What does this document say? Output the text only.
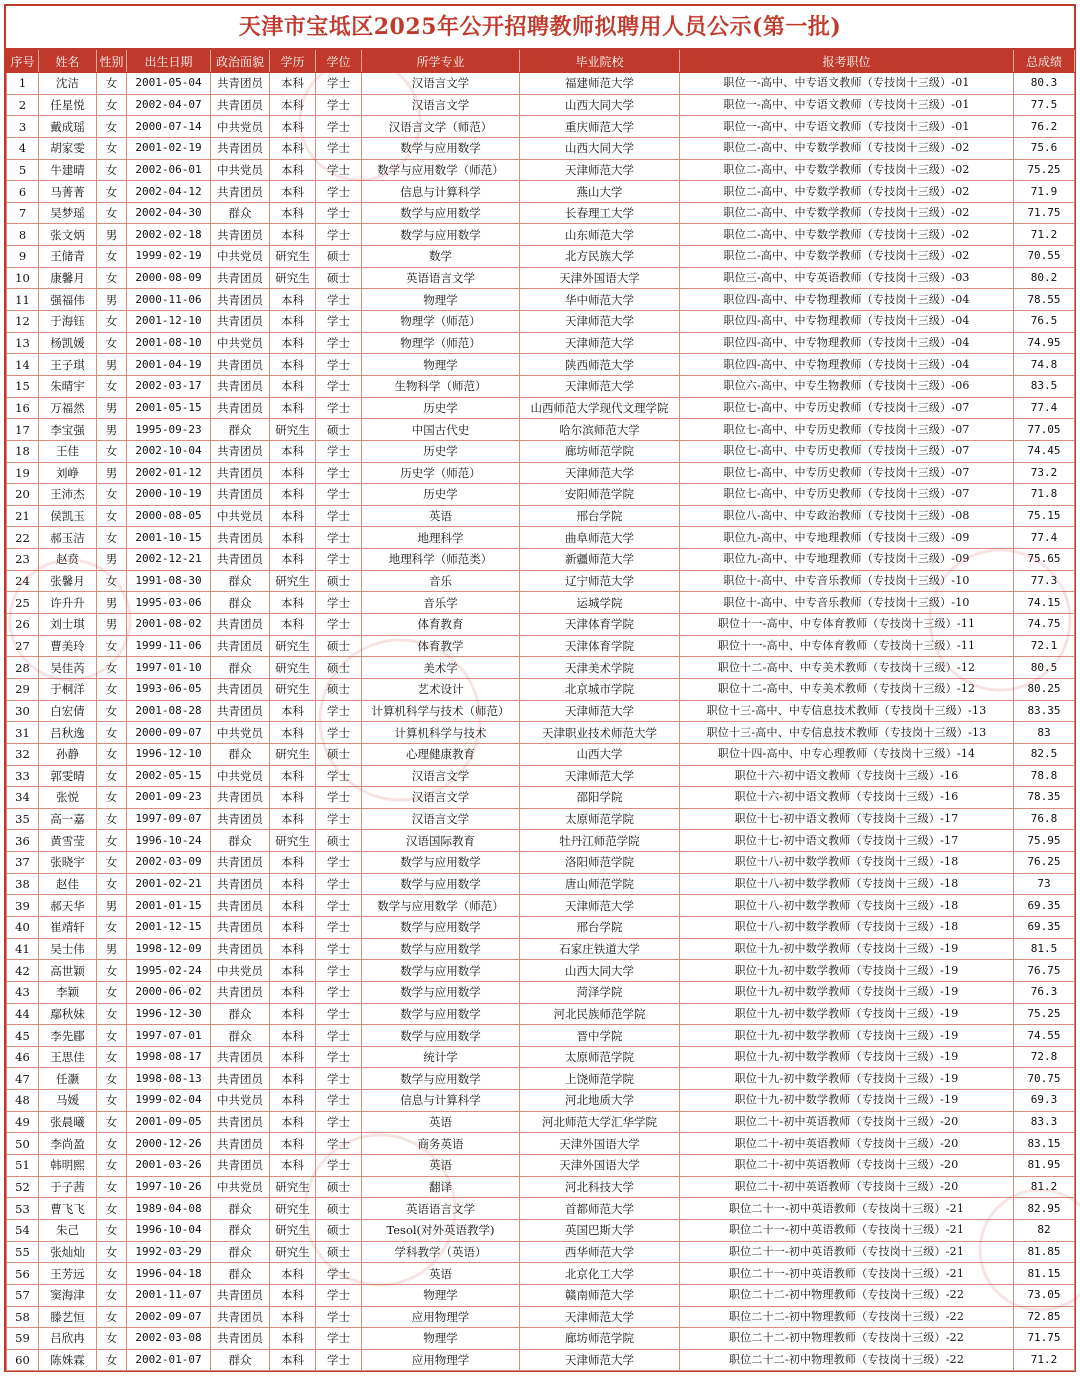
天津市宝坻区2025年公开招聘教师拟聘用人员公示(第一批)
序号	姓名	性别	出生日期	政治面貌	学历	学位	所学专业	毕业院校	报考职位	总成绩
1	沈洁	女	2001-05-04	共青团员	本科	学士	汉语言文学	福建师范大学	职位一-高中、中专语文教师（专技岗十三级）-01	80.3
2	任星悦	女	2002-04-07	共青团员	本科	学士	汉语言文学	山西大同大学	职位一-高中、中专语文教师（专技岗十三级）-01	77.5
3	戴成瑶	女	2000-07-14	中共党员	本科	学士	汉语言文学（师范）	重庆师范大学	职位一-高中、中专语文教师（专技岗十三级）-01	76.2
4	胡家雯	女	2001-02-19	共青团员	本科	学士	数学与应用数学	山西大同大学	职位二-高中、中专数学教师（专技岗十三级）-02	75.6
5	牛建晴	女	2002-06-01	中共党员	本科	学士	数学与应用数学（师范）	天津师范大学	职位二-高中、中专数学教师（专技岗十三级）-02	75.25
6	马菁菁	女	2002-04-12	共青团员	本科	学士	信息与计算科学	燕山大学	职位二-高中、中专数学教师（专技岗十三级）-02	71.9
7	吴梦瑶	女	2002-04-30	群众	本科	学士	数学与应用数学	长春理工大学	职位二-高中、中专数学教师（专技岗十三级）-02	71.75
8	张文炳	男	2002-02-18	共青团员	本科	学士	数学与应用数学	山东师范大学	职位二-高中、中专数学教师（专技岗十三级）-02	71.2
9	王储青	女	1999-02-19	中共党员	研究生	硕士	数学	北方民族大学	职位二-高中、中专数学教师（专技岗十三级）-02	70.55
10	康馨月	女	2000-08-09	共青团员	研究生	硕士	英语语言文学	天津外国语大学	职位三-高中、中专英语教师（专技岗十三级）-03	80.2
11	强福伟	男	2000-11-06	共青团员	本科	学士	物理学	华中师范大学	职位四-高中、中专物理教师（专技岗十三级）-04	78.55
12	于海钰	女	2001-12-10	共青团员	本科	学士	物理学（师范）	天津师范大学	职位四-高中、中专物理教师（专技岗十三级）-04	76.5
13	杨凯媛	女	2001-08-10	中共党员	本科	学士	物理学（师范）	天津师范大学	职位四-高中、中专物理教师（专技岗十三级）-04	74.95
14	王子琪	男	2001-04-19	共青团员	本科	学士	物理学	陕西师范大学	职位四-高中、中专物理教师（专技岗十三级）-04	74.8
15	朱晴宇	女	2002-03-17	共青团员	本科	学士	生物科学（师范）	天津师范大学	职位六-高中、中专生物教师（专技岗十三级）-06	83.5
16	万福然	男	2001-05-15	共青团员	本科	学士	历史学	山西师范大学现代文理学院	职位七-高中、中专历史教师（专技岗十三级）-07	77.4
17	李宝强	男	1995-09-23	群众	研究生	硕士	中国古代史	哈尔滨师范大学	职位七-高中、中专历史教师（专技岗十三级）-07	77.05
18	王佳	女	2002-10-04	共青团员	本科	学士	历史学	廊坊师范学院	职位七-高中、中专历史教师（专技岗十三级）-07	74.45
19	刘峥	男	2002-01-12	共青团员	本科	学士	历史学（师范）	天津师范大学	职位七-高中、中专历史教师（专技岗十三级）-07	73.2
20	王沛杰	女	2000-10-19	共青团员	本科	学士	历史学	安阳师范学院	职位七-高中、中专历史教师（专技岗十三级）-07	71.8
21	侯凯玉	女	2000-08-05	中共党员	本科	学士	英语	邢台学院	职位八-高中、中专政治教师（专技岗十三级）-08	75.15
22	郝玉洁	女	2001-10-15	共青团员	本科	学士	地理科学	曲阜师范大学	职位九-高中、中专地理教师（专技岗十三级）-09	77.4
23	赵贲	男	2002-12-21	共青团员	本科	学士	地理科学（师范类）	新疆师范大学	职位九-高中、中专地理教师（专技岗十三级）-09	75.65
24	张馨月	女	1991-08-30	群众	研究生	硕士	音乐	辽宁师范大学	职位十-高中、中专音乐教师（专技岗十三级）-10	77.3
25	许升升	男	1995-03-06	群众	本科	学士	音乐学	运城学院	职位十-高中、中专音乐教师（专技岗十三级）-10	74.15
26	刘士琪	男	2001-08-02	共青团员	本科	学士	体育教育	天津体育学院	职位十一-高中、中专体育教师（专技岗十三级）-11	74.75
27	曹美玲	女	1999-11-06	共青团员	研究生	硕士	体育教学	天津体育学院	职位十一-高中、中专体育教师（专技岗十三级）-11	72.1
28	吴佳芮	女	1997-01-10	群众	研究生	硕士	美术学	天津美术学院	职位十二-高中、中专美术教师（专技岗十三级）-12	80.5
29	于桐洋	女	1993-06-05	共青团员	研究生	硕士	艺术设计	北京城市学院	职位十二-高中、中专美术教师（专技岗十三级）-12	80.25
30	白宏倩	女	2001-08-28	共青团员	本科	学士	计算机科学与技术（师范）	天津师范大学	职位十三-高中、中专信息技术教师（专技岗十三级）-13	83.35
31	吕秋逸	女	2000-09-07	中共党员	本科	学士	计算机科学与技术	天津职业技术师范大学	职位十三-高中、中专信息技术教师（专技岗十三级）-13	83
32	孙静	女	1996-12-10	群众	研究生	硕士	心理健康教育	山西大学	职位十四-高中、中专心理教师（专技岗十三级）-14	82.5
33	郭雯晴	女	2002-05-15	中共党员	本科	学士	汉语言文学	天津师范大学	职位十六-初中语文教师（专技岗十三级）-16	78.8
34	张悦	女	2001-09-23	共青团员	本科	学士	汉语言文学	邵阳学院	职位十六-初中语文教师（专技岗十三级）-16	78.35
35	高一嘉	女	1997-09-07	共青团员	本科	学士	汉语言文学	太原师范学院	职位十七-初中语文教师（专技岗十三级）-17	76.8
36	黄雪莹	女	1996-10-24	群众	研究生	硕士	汉语国际教育	牡丹江师范学院	职位十七-初中语文教师（专技岗十三级）-17	75.95
37	张晓宇	女	2002-03-09	共青团员	本科	学士	数学与应用数学	洛阳师范学院	职位十八-初中数学教师（专技岗十三级）-18	76.25
38	赵佳	女	2001-02-21	共青团员	本科	学士	数学与应用数学	唐山师范学院	职位十八-初中数学教师（专技岗十三级）-18	73
39	郝天华	男	2001-01-15	共青团员	本科	学士	数学与应用数学（师范）	天津师范大学	职位十八-初中数学教师（专技岗十三级）-18	69.35
40	崔靖轩	女	2001-12-15	共青团员	本科	学士	数学与应用数学	邢台学院	职位十八-初中数学教师（专技岗十三级）-18	69.35
41	吴士伟	男	1998-12-09	共青团员	本科	学士	数学与应用数学	石家庄铁道大学	职位十九-初中数学教师（专技岗十三级）-19	81.5
42	高世颖	女	1995-02-24	中共党员	本科	学士	数学与应用数学	山西大同大学	职位十九-初中数学教师（专技岗十三级）-19	76.75
43	李颖	女	2000-06-02	共青团员	本科	学士	数学与应用数学	菏泽学院	职位十九-初中数学教师（专技岗十三级）-19	76.3
44	鄢秋妹	女	1996-12-30	群众	本科	学士	数学与应用数学	河北民族师范学院	职位十九-初中数学教师（专技岗十三级）-19	75.25
45	李先郿	女	1997-07-01	群众	本科	学士	数学与应用数学	晋中学院	职位十九-初中数学教师（专技岗十三级）-19	74.55
46	王思佳	女	1998-08-17	共青团员	本科	学士	统计学	太原师范学院	职位十九-初中数学教师（专技岗十三级）-19	72.8
47	任灏	女	1998-08-13	共青团员	本科	学士	数学与应用数学	上饶师范学院	职位十九-初中数学教师（专技岗十三级）-19	70.75
48	马媛	女	1999-02-04	中共党员	本科	学士	信息与计算科学	河北地质大学	职位十九-初中数学教师（专技岗十三级）-19	69.3
49	张晨曦	女	2001-09-05	共青团员	本科	学士	英语	河北师范大学汇华学院	职位二十-初中英语教师（专技岗十三级）-20	83.3
50	李尚盈	女	2000-12-26	共青团员	本科	学士	商务英语	天津外国语大学	职位二十-初中英语教师（专技岗十三级）-20	83.15
51	韩明熙	女	2001-03-26	共青团员	本科	学士	英语	天津外国语大学	职位二十-初中英语教师（专技岗十三级）-20	81.95
52	于子茜	女	1997-10-26	中共党员	研究生	硕士	翻译	河北科技大学	职位二十-初中英语教师（专技岗十三级）-20	81.2
53	曹飞飞	女	1989-04-08	群众	研究生	硕士	英语语言文学	首都师范大学	职位二十一-初中英语教师（专技岗十三级）-21	82.95
54	朱己	女	1996-10-04	群众	研究生	硕士	Tesol(对外英语教学)	英国巴斯大学	职位二十一-初中英语教师（专技岗十三级）-21	82
55	张灿灿	女	1992-03-29	群众	研究生	硕士	学科教学（英语）	西华师范大学	职位二十一-初中英语教师（专技岗十三级）-21	81.85
56	王芳远	女	1996-04-18	群众	本科	学士	英语	北京化工大学	职位二十一-初中英语教师（专技岗十三级）-21	81.15
57	窦海津	女	2001-11-07	共青团员	本科	学士	物理学	赣南师范大学	职位二十二-初中物理教师（专技岗十三级）-22	73.05
58	滕艺恒	女	2002-09-07	共青团员	本科	学士	应用物理学	天津师范大学	职位二十二-初中物理教师（专技岗十三级）-22	72.85
59	吕欣冉	女	2002-03-08	共青团员	本科	学士	物理学	廊坊师范学院	职位二十二-初中物理教师（专技岗十三级）-22	71.75
60	陈姝霖	女	2002-01-07	群众	本科	学士	应用物理学	天津师范大学	职位二十二-初中物理教师（专技岗十三级）-22	71.2
